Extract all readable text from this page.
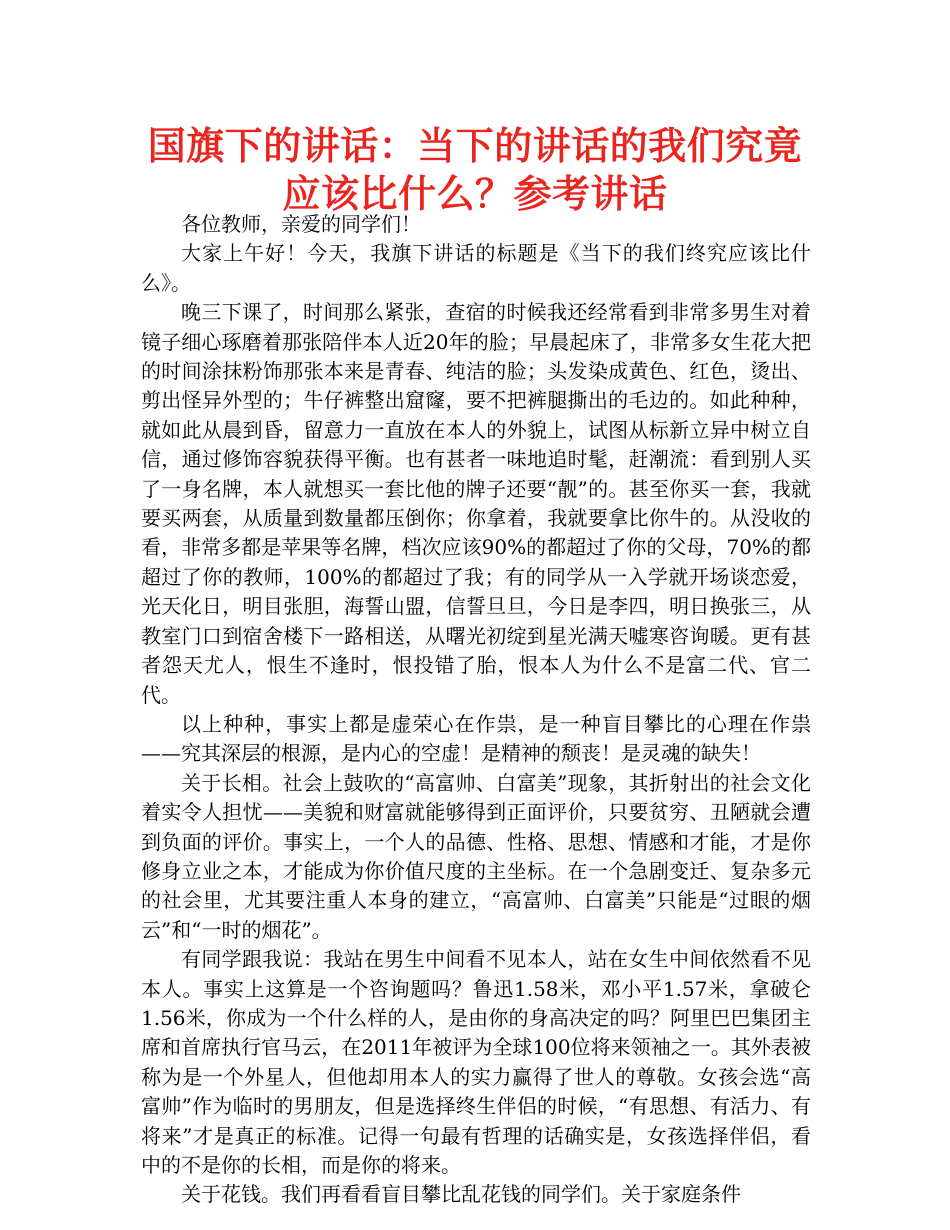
国旗下的讲话：当下的讲话的我们究竟应该比什么？参考讲话

各位教师，亲爱的同学们！

大家上午好！今天，我旗下讲话的标题是《当下的我们终究应该比什么》。

晚三下课了，时间那么紧张，查宿的时候我还经常看到非常多男生对着镜子细心琢磨着那张陪伴本人近20年的脸；早晨起床了，非常多女生花大把的时间涂抹粉饰那张本来是青春、纯洁的脸；头发染成黄色、红色，烫出、剪出怪异外型的；牛仔裤整出窟窿，要不把裤腿撕出的毛边的。如此种种，就如此从晨到昏，留意力一直放在本人的外貌上，试图从标新立异中树立自信，通过修饰容貌获得平衡。也有甚者一味地追时髦，赶潮流：看到别人买了一身名牌，本人就想买一套比他的牌子还要“靓”的。甚至你买一套，我就要买两套，从质量到数量都压倒你；你拿着，我就要拿比你牛的。从没收的看，非常多都是苹果等名牌，档次应该90%的都超过了你的父母，70%的都超过了你的教师，100%的都超过了我；有的同学从一入学就开场谈恋爱，光天化日，明目张胆，海誓山盟，信誓旦旦，今日是李四，明日换张三，从教室门口到宿舍楼下一路相送，从曙光初绽到星光满天嘘寒咨询暖。更有甚者怨天尤人，恨生不逢时，恨投错了胎，恨本人为什么不是富二代、官二代。

以上种种，事实上都是虚荣心在作祟，是一种盲目攀比的心理在作祟——究其深层的根源，是内心的空虚！是精神的颓丧！是灵魂的缺失！

关于长相。社会上鼓吹的“高富帅、白富美”现象，其折射出的社会文化着实令人担忧——美貌和财富就能够得到正面评价，只要贫穷、丑陋就会遭到负面的评价。事实上，一个人的品德、性格、思想、情感和才能，才是你修身立业之本，才能成为你价值尺度的主坐标。在一个急剧变迁、复杂多元的社会里，尤其要注重人本身的建立，“高富帅、白富美”只能是“过眼的烟云”和“一时的烟花”。

有同学跟我说：我站在男生中间看不见本人，站在女生中间依然看不见本人。事实上这算是一个咨询题吗？鲁迅1.58米，邓小平1.57米，拿破仑1.56米，你成为一个什么样的人，是由你的身高决定的吗？阿里巴巴集团主席和首席执行官马云，在2011年被评为全球100位将来领袖之一。其外表被称为是一个外星人，但他却用本人的实力赢得了世人的尊敬。女孩会选“高富帅”作为临时的男朋友，但是选择终生伴侣的时候，“有思想、有活力、有将来”才是真正的标准。记得一句最有哲理的话确实是，女孩选择伴侣，看中的不是你的长相，而是你的将来。

关于花钱。我们再看看盲目攀比乱花钱的同学们。关于家庭条件
